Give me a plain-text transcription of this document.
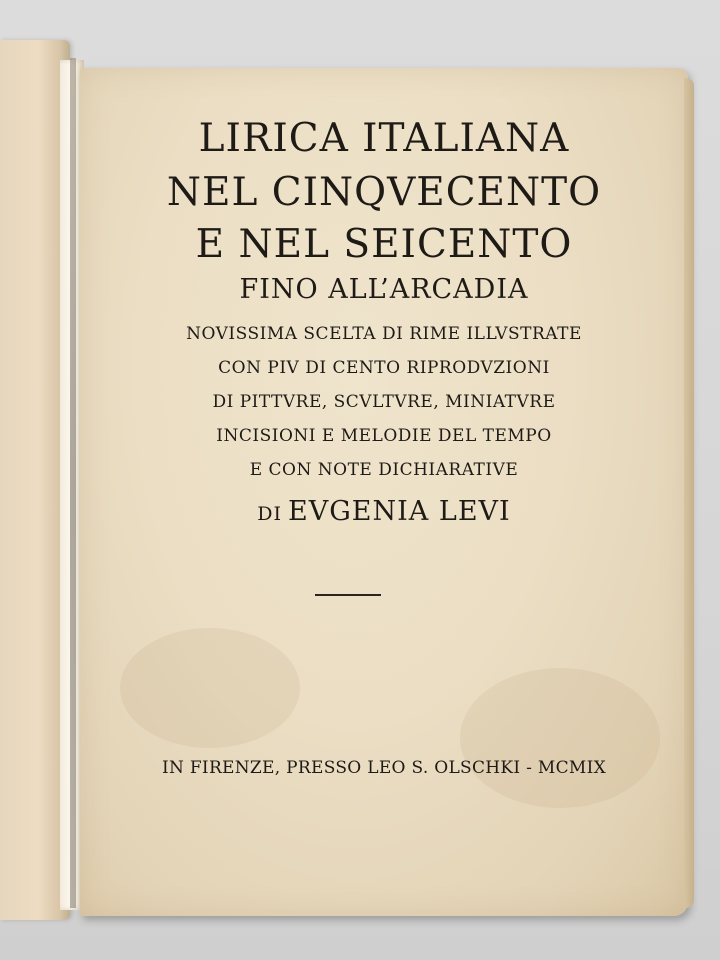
LIRICA ITALIANA
NEL CINQVECENTO
E NEL SEICENTO
FINO ALL’ARCADIA
NOVISSIMA SCELTA DI RIME ILLVSTRATE
CON PIV DI CENTO RIPRODVZIONI
DI PITTVRE, SCVLTVRE, MINIATVRE
INCISIONI E MELODIE DEL TEMPO
E CON NOTE DICHIARATIVE
DI EVGENIA LEVI
IN FIRENZE, PRESSO LEO S. OLSCHKI - MCMIX
